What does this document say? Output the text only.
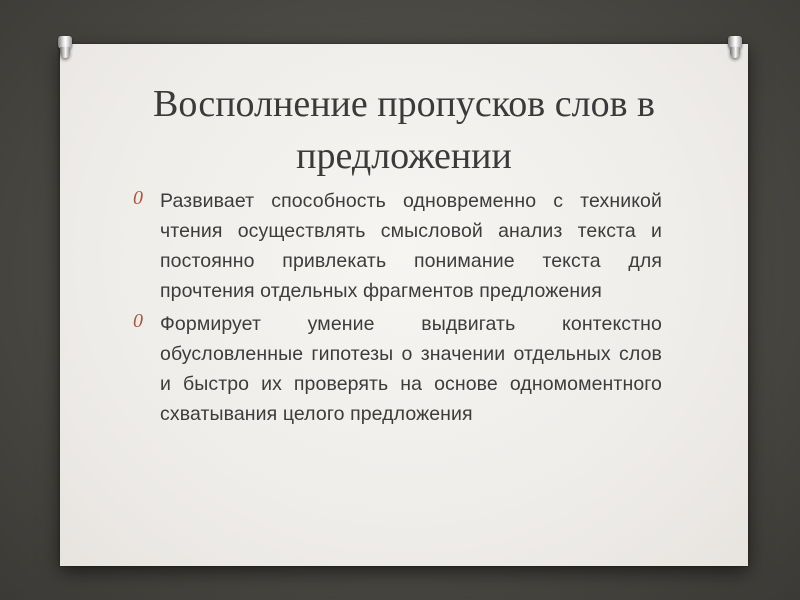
Восполнение пропусков слов в предложении
0 Развивает способность одновременно с техникой чтения осуществлять смысловой анализ текста и постоянно привлекать понимание текста для прочтения отдельных фрагментов предложения
0 Формирует умение выдвигать контекстно обусловленные гипотезы о значении отдельных слов и быстро их проверять на основе одномоментного схватывания целого предложения
